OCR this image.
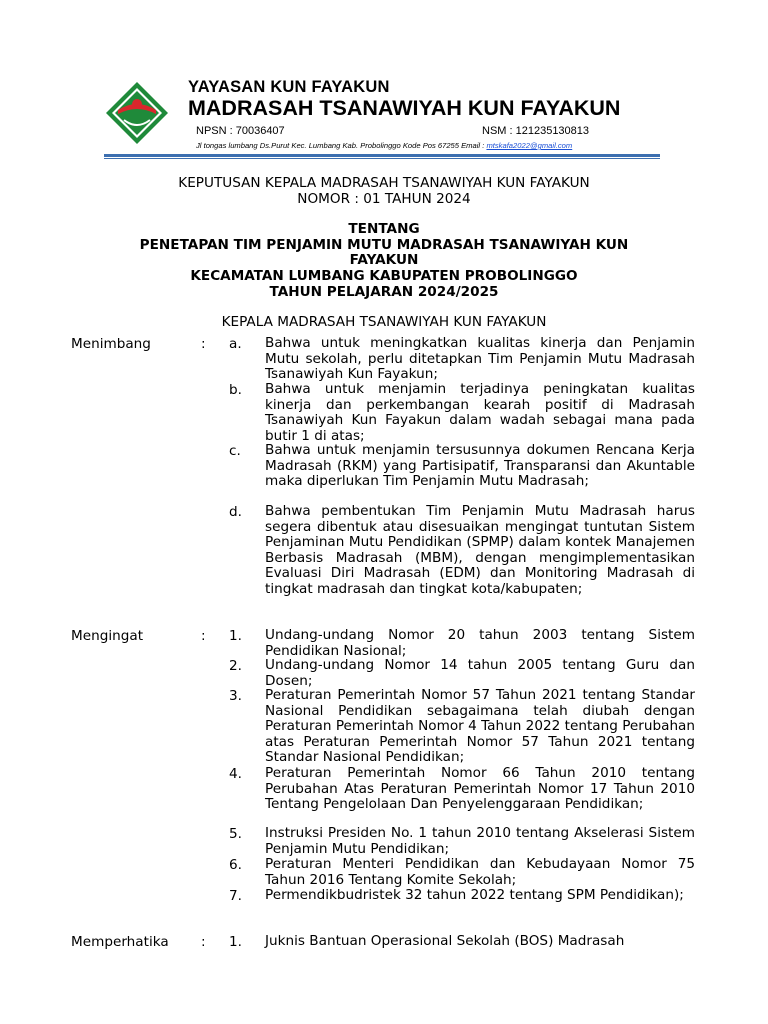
YAYASAN KUN FAYAKUN
MADRASAH TSANAWIYAH KUN FAYAKUN
NPSN : 70036407	NSM : 121235130813
Jl tongas lumbang Ds.Purut Kec. Lumbang Kab. Probolinggo Kode Pos 67255 Email : mtskafa2022@gmail.com
KEPUTUSAN KEPALA MADRASAH TSANAWIYAH KUN FAYAKUN
NOMOR : 01 TAHUN 2024
TENTANG
PENETAPAN TIM PENJAMIN MUTU MADRASAH TSANAWIYAH KUN
FAYAKUN
KECAMATAN LUMBANG KABUPATEN PROBOLINGGO
TAHUN PELAJARAN 2024/2025
KEPALA MADRASAH TSANAWIYAH KUN FAYAKUN
Menimbang	: a. Bahwa untuk meningkatkan kualitas kinerja dan Penjamin Mutu sekolah, perlu ditetapkan Tim Penjamin Mutu Madrasah Tsanawiyah Kun Fayakun;
b. Bahwa untuk menjamin terjadinya peningkatan kualitas kinerja dan perkembangan kearah positif di Madrasah Tsanawiyah Kun Fayakun dalam wadah sebagai mana pada butir 1 di atas;
c. Bahwa untuk menjamin tersusunnya dokumen Rencana Kerja Madrasah (RKM) yang Partisipatif, Transparansi dan Akuntable maka diperlukan Tim Penjamin Mutu Madrasah;
d. Bahwa pembentukan Tim Penjamin Mutu Madrasah harus segera dibentuk atau disesuaikan mengingat tuntutan Sistem Penjaminan Mutu Pendidikan (SPMP) dalam kontek Manajemen Berbasis Madrasah (MBM), dengan mengimplementasikan Evaluasi Diri Madrasah (EDM) dan Monitoring Madrasah di tingkat madrasah dan tingkat kota/kabupaten;
Mengingat	: 1. Undang-undang Nomor 20 tahun 2003 tentang Sistem Pendidikan Nasional;
2. Undang-undang Nomor 14 tahun 2005 tentang Guru dan Dosen;
3. Peraturan Pemerintah Nomor 57 Tahun 2021 tentang Standar Nasional Pendidikan sebagaimana telah diubah dengan Peraturan Pemerintah Nomor 4 Tahun 2022 tentang Perubahan atas Peraturan Pemerintah Nomor 57 Tahun 2021 tentang Standar Nasional Pendidikan;
4. Peraturan Pemerintah Nomor 66 Tahun 2010 tentang Perubahan Atas Peraturan Pemerintah Nomor 17 Tahun 2010 Tentang Pengelolaan Dan Penyelenggaraan Pendidikan;
5. Instruksi Presiden No. 1 tahun 2010 tentang Akselerasi Sistem Penjamin Mutu Pendidikan;
6. Peraturan Menteri Pendidikan dan Kebudayaan Nomor 75 Tahun 2016 Tentang Komite Sekolah;
7. Permendikbudristek 32 tahun 2022 tentang SPM Pendidikan);
Memperhatika : 1. Juknis Bantuan Operasional Sekolah (BOS) Madrasah
